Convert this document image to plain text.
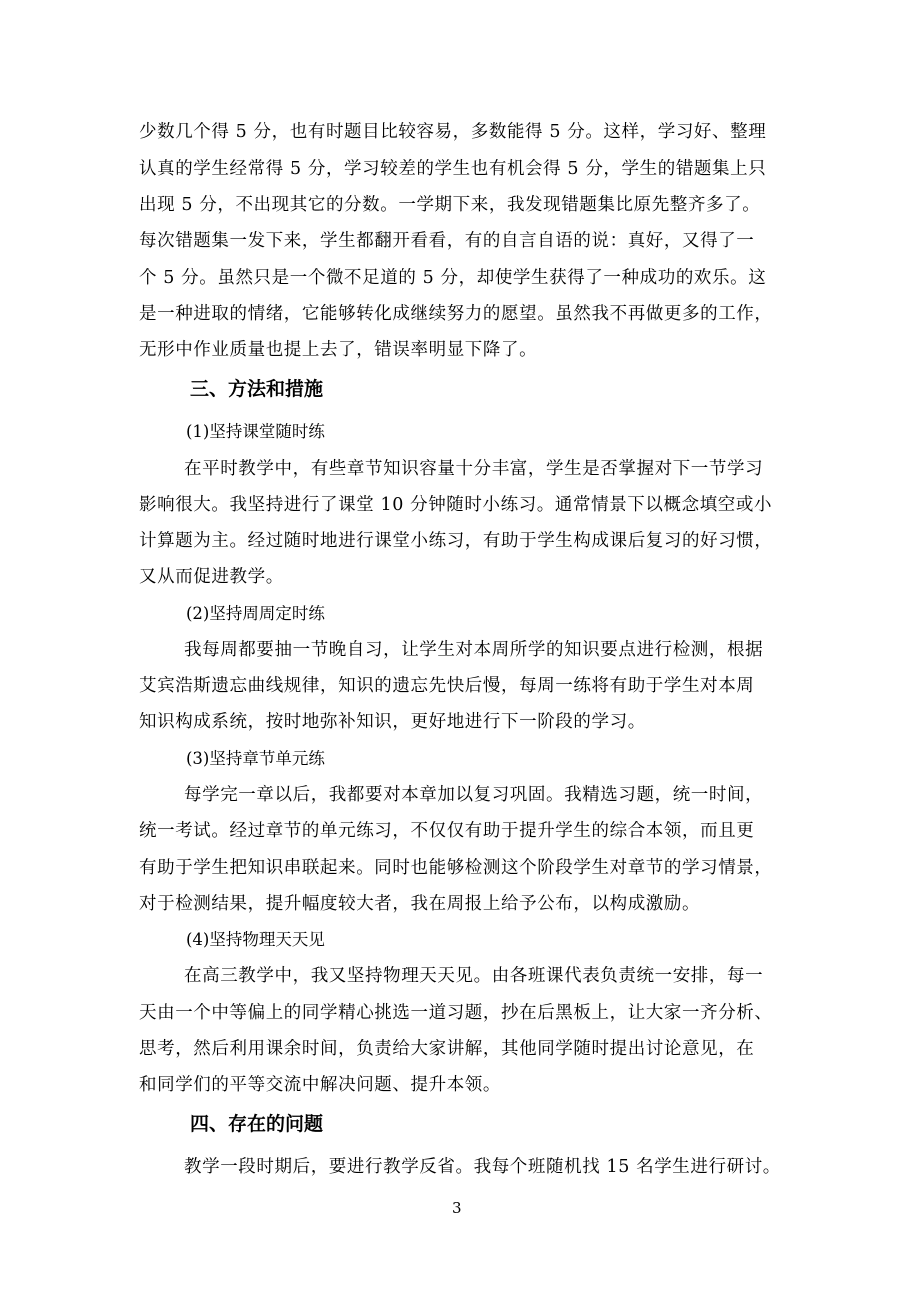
少数几个得 5 分，也有时题目比较容易，多数能得 5 分。这样，学习好、整理
认真的学生经常得 5 分，学习较差的学生也有机会得 5 分，学生的错题集上只
出现 5 分，不出现其它的分数。一学期下来，我发现错题集比原先整齐多了。
每次错题集一发下来，学生都翻开看看，有的自言自语的说：真好，又得了一
个 5 分。虽然只是一个微不足道的 5 分，却使学生获得了一种成功的欢乐。这
是一种进取的情绪，它能够转化成继续努力的愿望。虽然我不再做更多的工作，
无形中作业质量也提上去了，错误率明显下降了。
三、方法和措施
(1)坚持课堂随时练
在平时教学中，有些章节知识容量十分丰富，学生是否掌握对下一节学习
影响很大。我坚持进行了课堂 10 分钟随时小练习。通常情景下以概念填空或小
计算题为主。经过随时地进行课堂小练习，有助于学生构成课后复习的好习惯，
又从而促进教学。
(2)坚持周周定时练
我每周都要抽一节晚自习，让学生对本周所学的知识要点进行检测，根据
艾宾浩斯遗忘曲线规律，知识的遗忘先快后慢，每周一练将有助于学生对本周
知识构成系统，按时地弥补知识，更好地进行下一阶段的学习。
(3)坚持章节单元练
每学完一章以后，我都要对本章加以复习巩固。我精选习题，统一时间，
统一考试。经过章节的单元练习，不仅仅有助于提升学生的综合本领，而且更
有助于学生把知识串联起来。同时也能够检测这个阶段学生对章节的学习情景，
对于检测结果，提升幅度较大者，我在周报上给予公布，以构成激励。
(4)坚持物理天天见
在高三教学中，我又坚持物理天天见。由各班课代表负责统一安排，每一
天由一个中等偏上的同学精心挑选一道习题，抄在后黑板上，让大家一齐分析、
思考，然后利用课余时间，负责给大家讲解，其他同学随时提出讨论意见，在
和同学们的平等交流中解决问题、提升本领。
四、存在的问题
教学一段时期后，要进行教学反省。我每个班随机找 15 名学生进行研讨。
3
